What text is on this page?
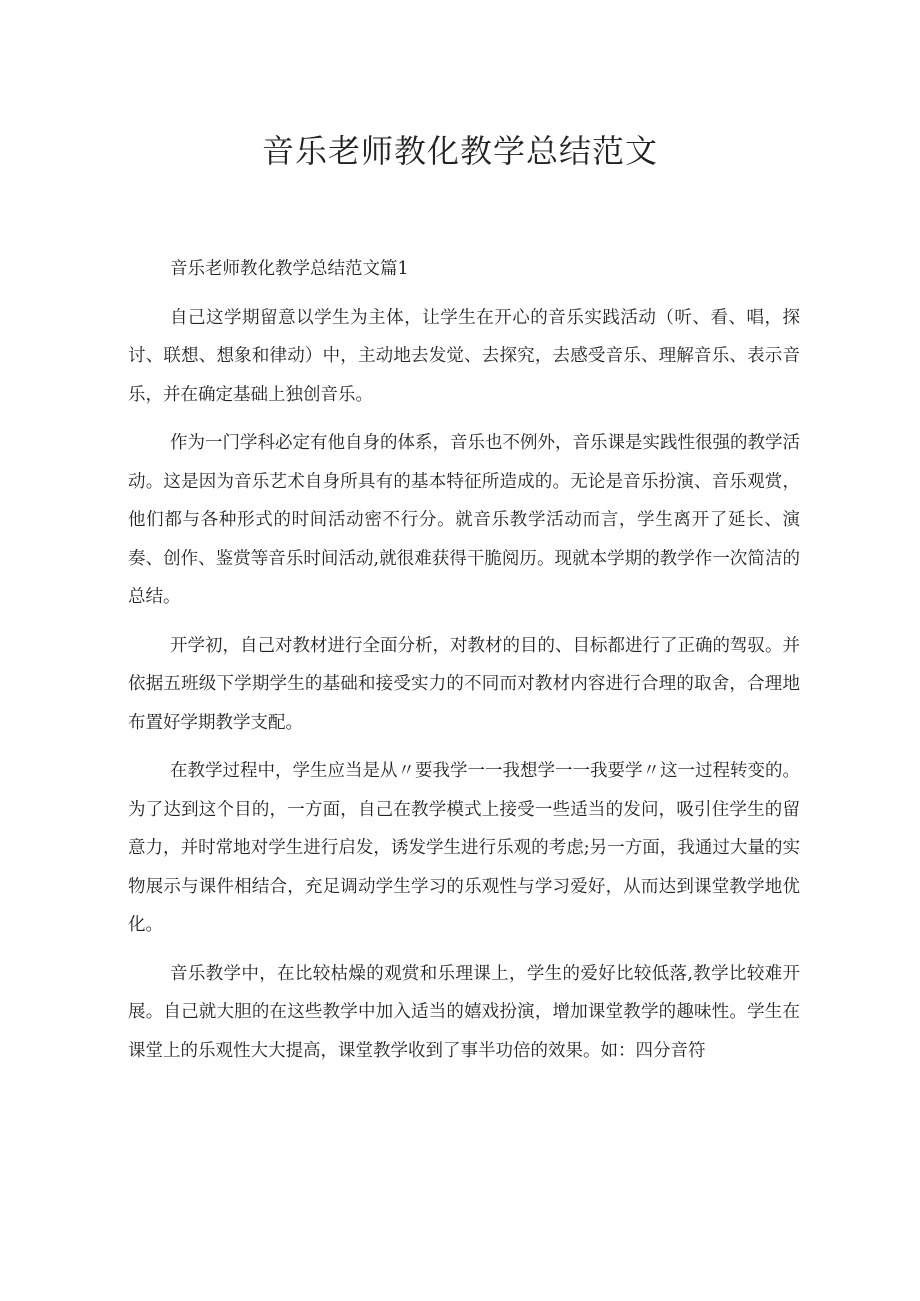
音乐老师教化教学总结范文

音乐老师教化教学总结范文篇1

自己这学期留意以学生为主体，让学生在开心的音乐实践活动（听、看、唱，探讨、联想、想象和律动）中，主动地去发觉、去探究，去感受音乐、理解音乐、表示音乐，并在确定基础上独创音乐。

作为一门学科必定有他自身的体系，音乐也不例外，音乐课是实践性很强的教学活动。这是因为音乐艺术自身所具有的基本特征所造成的。无论是音乐扮演、音乐观赏，他们都与各种形式的时间活动密不行分。就音乐教学活动而言，学生离开了延长、演奏、创作、鉴赏等音乐时间活动,就很难获得干脆阅历。现就本学期的教学作一次简洁的总结。

开学初，自己对教材进行全面分析，对教材的目的、目标都进行了正确的驾驭。并依据五班级下学期学生的基础和接受实力的不同而对教材内容进行合理的取舍，合理地布置好学期教学支配。

在教学过程中，学生应当是从〃要我学一一我想学一一我要学〃这一过程转变的。为了达到这个目的，一方面，自己在教学模式上接受一些适当的发问，吸引住学生的留意力，并时常地对学生进行启发，诱发学生进行乐观的考虑;另一方面，我通过大量的实物展示与课件相结合，充足调动学生学习的乐观性与学习爱好，从而达到课堂教学地优化。

音乐教学中，在比较枯燥的观赏和乐理课上，学生的爱好比较低落,教学比较难开展。自己就大胆的在这些教学中加入适当的嬉戏扮演，增加课堂教学的趣味性。学生在课堂上的乐观性大大提高，课堂教学收到了事半功倍的效果。如：四分音符
